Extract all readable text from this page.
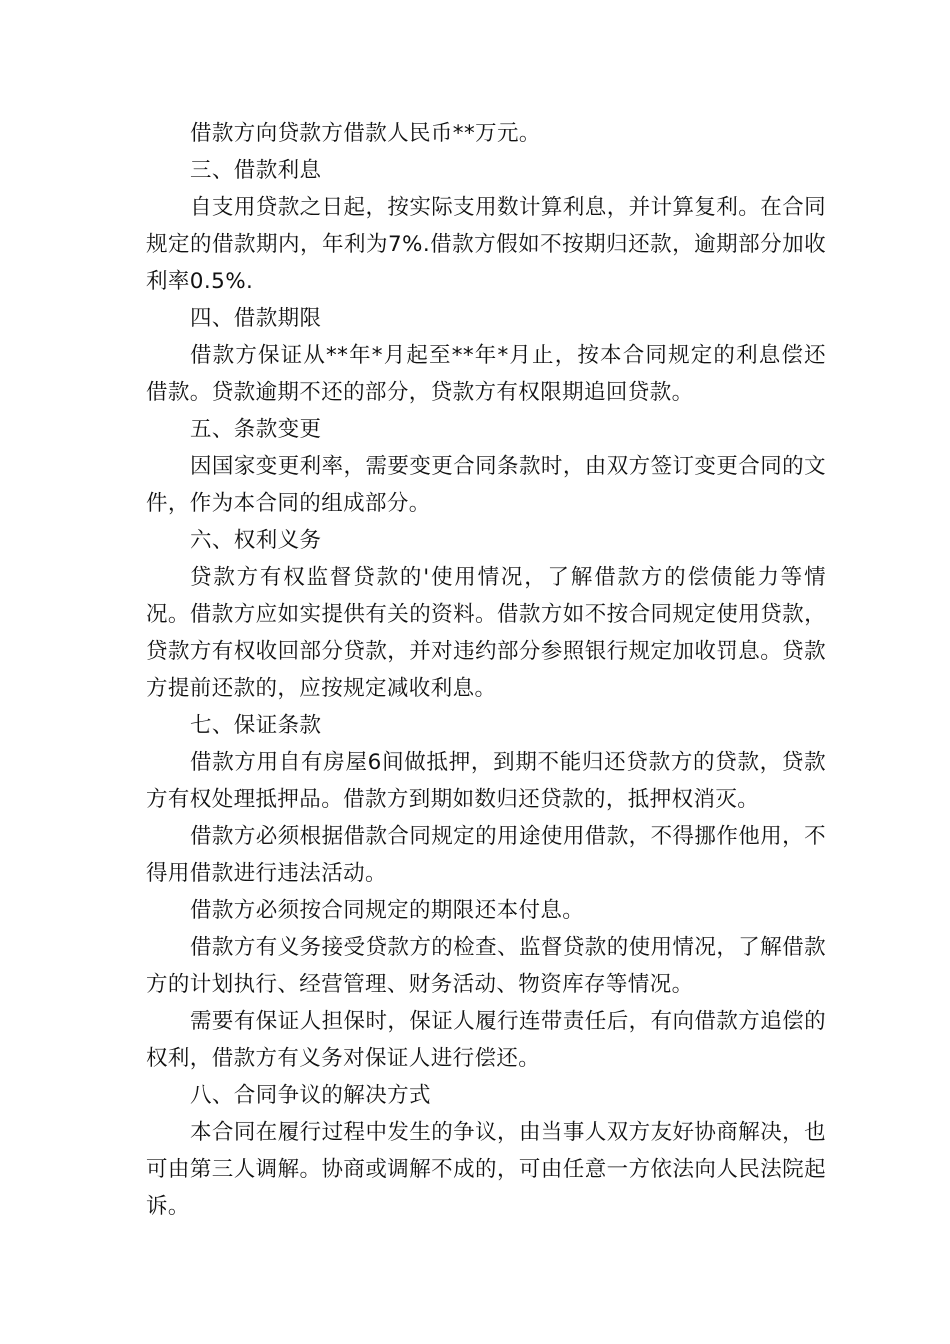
借款方向贷款方借款人民币**万元。

三、借款利息

自支用贷款之日起，按实际支用数计算利息，并计算复利。在合同规定的借款期内，年利为7%.借款方假如不按期归还款，逾期部分加收利率0.5%.

四、借款期限

借款方保证从**年*月起至**年*月止，按本合同规定的利息偿还借款。贷款逾期不还的部分，贷款方有权限期追回贷款。

五、条款变更

因国家变更利率，需要变更合同条款时，由双方签订变更合同的文件，作为本合同的组成部分。

六、权利义务

贷款方有权监督贷款的'使用情况，了解借款方的偿债能力等情况。借款方应如实提供有关的资料。借款方如不按合同规定使用贷款，贷款方有权收回部分贷款，并对违约部分参照银行规定加收罚息。贷款方提前还款的，应按规定减收利息。

七、保证条款

借款方用自有房屋6间做抵押，到期不能归还贷款方的贷款，贷款方有权处理抵押品。借款方到期如数归还贷款的，抵押权消灭。

借款方必须根据借款合同规定的用途使用借款，不得挪作他用，不得用借款进行违法活动。

借款方必须按合同规定的期限还本付息。

借款方有义务接受贷款方的检查、监督贷款的使用情况，了解借款方的计划执行、经营管理、财务活动、物资库存等情况。

需要有保证人担保时，保证人履行连带责任后，有向借款方追偿的权利，借款方有义务对保证人进行偿还。

八、合同争议的解决方式

本合同在履行过程中发生的争议，由当事人双方友好协商解决，也可由第三人调解。协商或调解不成的，可由任意一方依法向人民法院起诉。
